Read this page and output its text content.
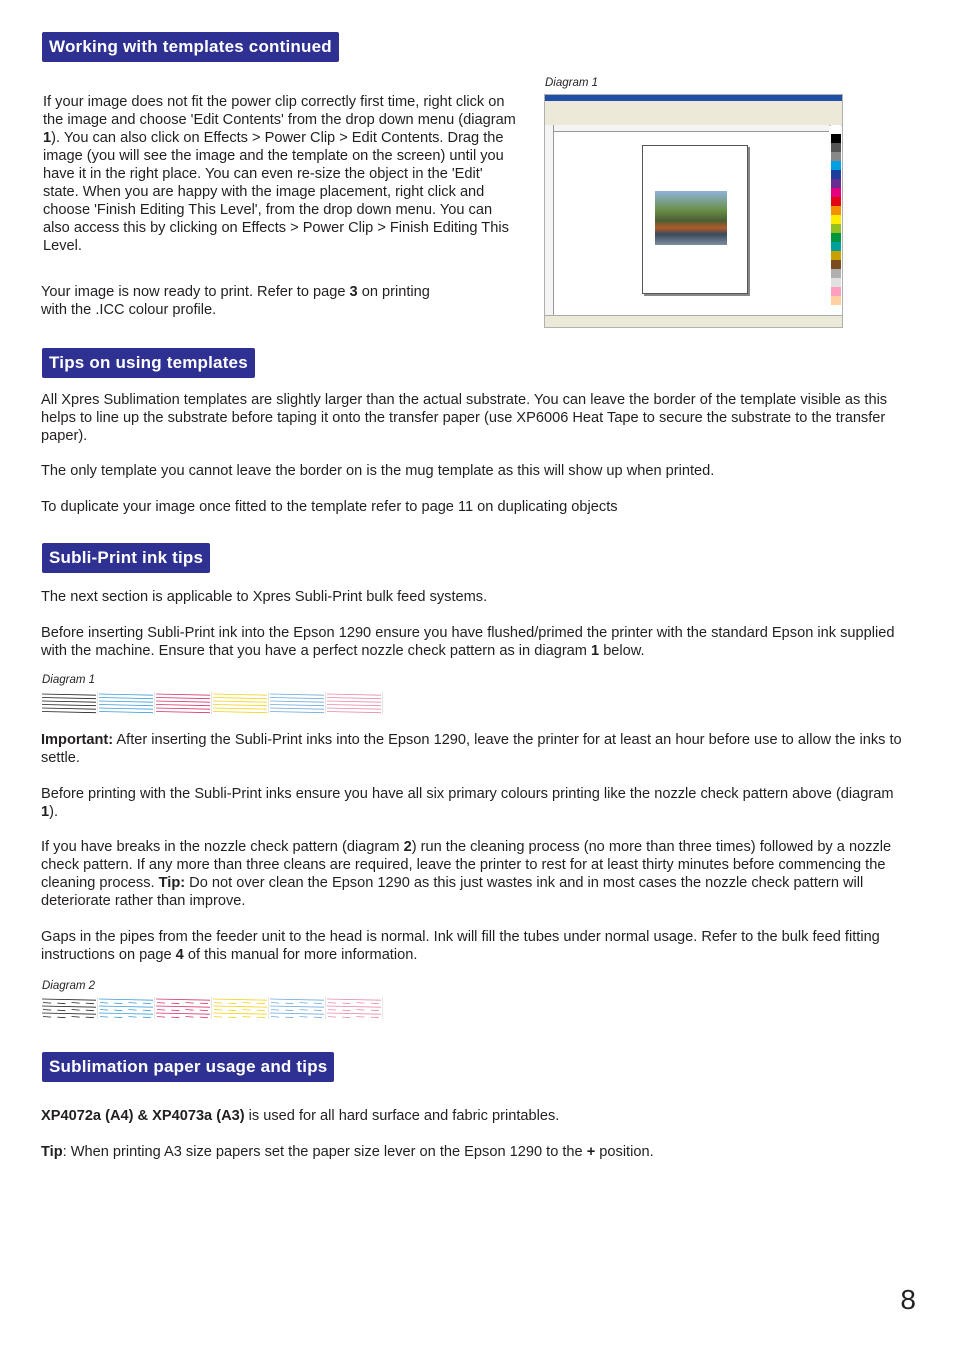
Working with templates continued

If your image does not fit the power clip correctly first time, right click on the image and choose 'Edit Contents' from the drop down menu (diagram 1). You can also click on Effects > Power Clip > Edit Contents. Drag the image (you will see the image and the template on the screen) until you have it in the right place. You can even re-size the object in the 'Edit' state. When you are happy with the image placement, right click and choose 'Finish Editing This Level', from the drop down menu. You can also access this by clicking on Effects > Power Clip > Finish Editing This Level.

Your image is now ready to print. Refer to page 3 on printing with the .ICC colour profile.

Diagram 1
Tips on using templates

All Xpres Sublimation templates are slightly larger than the actual substrate. You can leave the border of the template visible as this helps to line up the substrate before taping it onto the transfer paper (use XP6006 Heat Tape to secure the substrate to the transfer paper).

The only template you cannot leave the border on is the mug template as this will show up when printed.

To duplicate your image once fitted to the template refer to page 11 on duplicating objects

Subli-Print ink tips

The next section is applicable to Xpres Subli-Print bulk feed systems.

Before inserting Subli-Print ink into the Epson 1290 ensure you have flushed/primed the printer with the standard Epson ink supplied with the machine. Ensure that you have a perfect nozzle check pattern as in diagram 1 below.

Diagram 1

Important: After inserting the Subli-Print inks into the Epson 1290, leave the printer for at least an hour before use to allow the inks to settle.

Before printing with the Subli-Print inks ensure you have all six primary colours printing like the nozzle check pattern above (diagram 1).

If you have breaks in the nozzle check pattern (diagram 2) run the cleaning process (no more than three times) followed by a nozzle check pattern. If any more than three cleans are required, leave the printer to rest for at least thirty minutes before commencing the cleaning process. Tip: Do not over clean the Epson 1290 as this just wastes ink and in most cases the nozzle check pattern will deteriorate rather than improve.

Gaps in the pipes from the feeder unit to the head is normal. Ink will fill the tubes under normal usage. Refer to the bulk feed fitting instructions on page 4 of this manual for more information.

Diagram 2
Sublimation paper usage and tips

XP4072a (A4) & XP4073a (A3) is used for all hard surface and fabric printables.

Tip: When printing A3 size papers set the paper size lever on the Epson 1290 to the + position.

8
